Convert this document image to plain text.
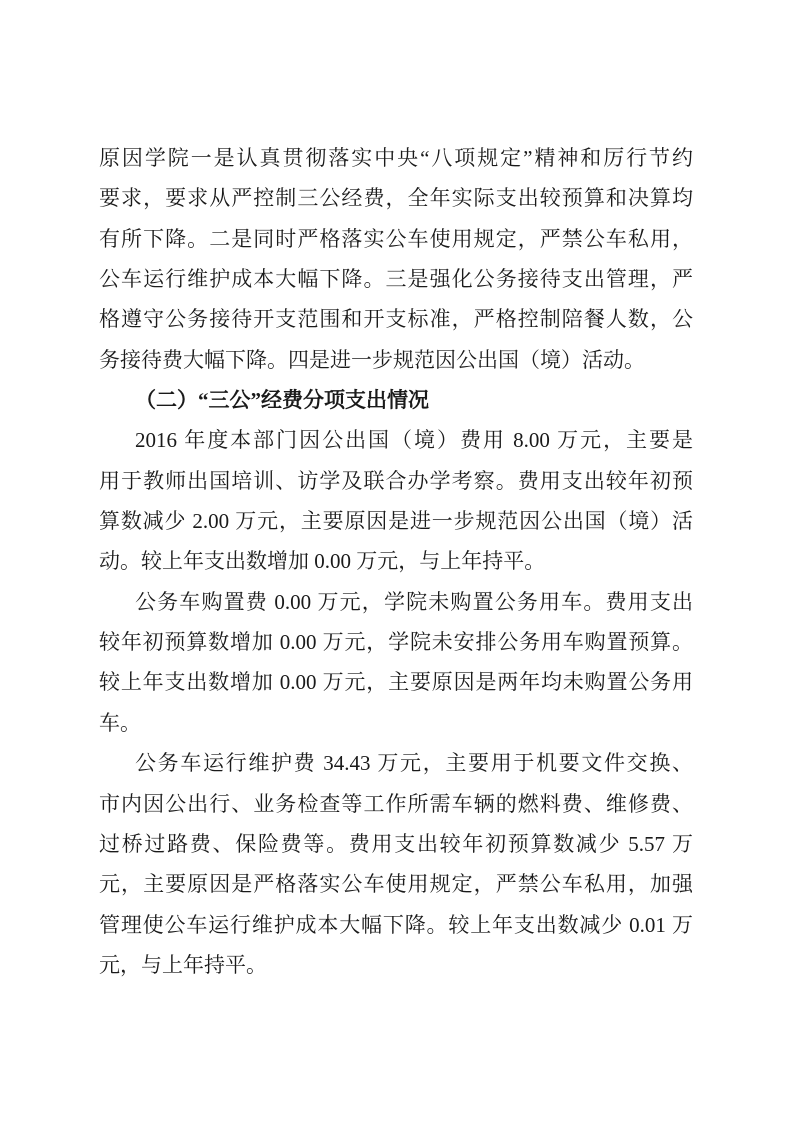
原因学院一是认真贯彻落实中央“八项规定”精神和厉行节约
要求，要求从严控制三公经费，全年实际支出较预算和决算均
有所下降。二是同时严格落实公车使用规定，严禁公车私用，
公车运行维护成本大幅下降。三是强化公务接待支出管理，严
格遵守公务接待开支范围和开支标准，严格控制陪餐人数，公
务接待费大幅下降。四是进一步规范因公出国（境）活动。
（二）“三公”经费分项支出情况
2016 年度本部门因公出国（境）费用 8.00 万元，主要是
用于教师出国培训、访学及联合办学考察。费用支出较年初预
算数减少 2.00 万元，主要原因是进一步规范因公出国（境）活
动。较上年支出数增加 0.00 万元，与上年持平。
公务车购置费 0.00 万元，学院未购置公务用车。费用支出
较年初预算数增加 0.00 万元，学院未安排公务用车购置预算。
较上年支出数增加 0.00 万元，主要原因是两年均未购置公务用
车。
公务车运行维护费 34.43 万元，主要用于机要文件交换、
市内因公出行、业务检查等工作所需车辆的燃料费、维修费、
过桥过路费、保险费等。费用支出较年初预算数减少 5.57 万
元，主要原因是严格落实公车使用规定，严禁公车私用，加强
管理使公车运行维护成本大幅下降。较上年支出数减少 0.01 万
元，与上年持平。
